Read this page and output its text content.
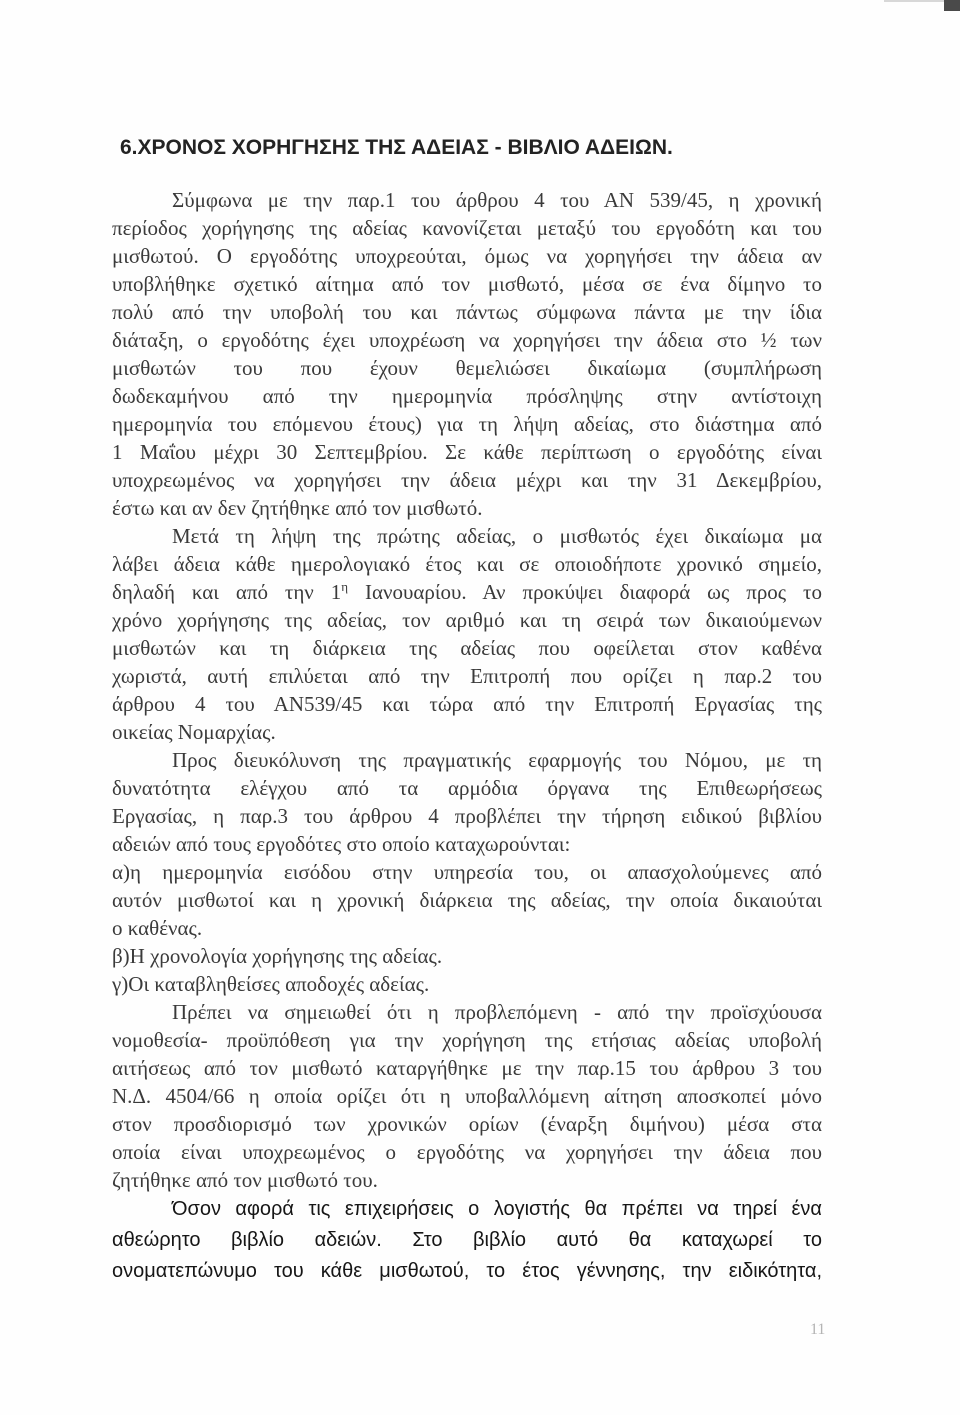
6.ΧΡΟΝΟΣ ΧΟΡΗΓΗΣΗΣ ΤΗΣ ΑΔΕΙΑΣ - ΒΙΒΛΙΟ ΑΔΕΙΩΝ.
Σύμφωνα με την παρ.1 του άρθρου 4 του ΑΝ 539/45, η χρονική
περίοδος χορήγησης της αδείας κανονίζεται μεταξύ του εργοδότη και του
μισθωτού. Ο εργοδότης υποχρεούται, όμως να χορηγήσει την άδεια αν
υποβλήθηκε σχετικό αίτημα από τον μισθωτό, μέσα σε ένα δίμηνο το
πολύ από την υποβολή του και πάντως σύμφωνα πάντα με την ίδια
διάταξη, ο εργοδότης έχει υποχρέωση να χορηγήσει την άδεια στο ½ των
μισθωτών του που έχουν θεμελιώσει δικαίωμα (συμπλήρωση
δωδεκαμήνου από την ημερομηνία πρόσληψης στην αντίστοιχη
ημερομηνία του επόμενου έτους) για τη λήψη αδείας, στο διάστημα από
1 Μαΐου μέχρι 30 Σεπτεμβρίου. Σε κάθε περίπτωση ο εργοδότης είναι
υποχρεωμένος να χορηγήσει την άδεια μέχρι και την 31 Δεκεμβρίου,
έστω και αν δεν ζητήθηκε από τον μισθωτό.
Μετά τη λήψη της πρώτης αδείας, ο μισθωτός έχει δικαίωμα μα
λάβει άδεια κάθε ημερολογιακό έτος και σε οποιοδήποτε χρονικό σημείο,
δηλαδή και από την $1^\eta$ Ιανουαρίου. Αν προκύψει διαφορά ως προς το
χρόνο χορήγησης της αδείας, τον αριθμό και τη σειρά των δικαιούμενων
μισθωτών και τη διάρκεια της αδείας που οφείλεται στον καθένα
χωριστά, αυτή επιλύεται από την Επιτροπή που ορίζει η παρ.2 του
άρθρου 4 του ΑΝ539/45 και τώρα από την Επιτροπή Εργασίας της
οικείας Νομαρχίας.
Προς διευκόλυνση της πραγματικής εφαρμογής του Νόμου, με τη
δυνατότητα ελέγχου από τα αρμόδια όργανα της Επιθεωρήσεως
Εργασίας, η παρ.3 του άρθρου 4 προβλέπει την τήρηση ειδικού βιβλίου
αδειών από τους εργοδότες στο οποίο καταχωρούνται:
α)η ημερομηνία εισόδου στην υπηρεσία του, οι απασχολούμενες από
αυτόν μισθωτοί και η χρονική διάρκεια της αδείας, την οποία δικαιούται
ο καθένας.
β)Η χρονολογία χορήγησης της αδείας.
γ)Οι καταβληθείσες αποδοχές αδείας.
Πρέπει να σημειωθεί ότι η προβλεπόμενη - από την προϊσχύουσα
νομοθεσία- προϋπόθεση για την χορήγηση της ετήσιας αδείας υποβολή
αιτήσεως από τον μισθωτό καταργήθηκε με την παρ.15 του άρθρου 3 του
Ν.Δ. 4504/66 η οποία ορίζει ότι η υποβαλλόμενη αίτηση αποσκοπεί μόνο
στον προσδιορισμό των χρονικών ορίων (έναρξη διμήνου) μέσα στα
οποία είναι υποχρεωμένος ο εργοδότης να χορηγήσει την άδεια που
ζητήθηκε από τον μισθωτό του.
Όσον αφορά τις επιχειρήσεις ο λογιστής θα πρέπει να τηρεί ένα
αθεώρητο βιβλίο αδειών. Στο βιβλίο αυτό θα καταχωρεί το
ονοματεπώνυμο του κάθε μισθωτού, το έτος γέννησης, την ειδικότητα,
11
